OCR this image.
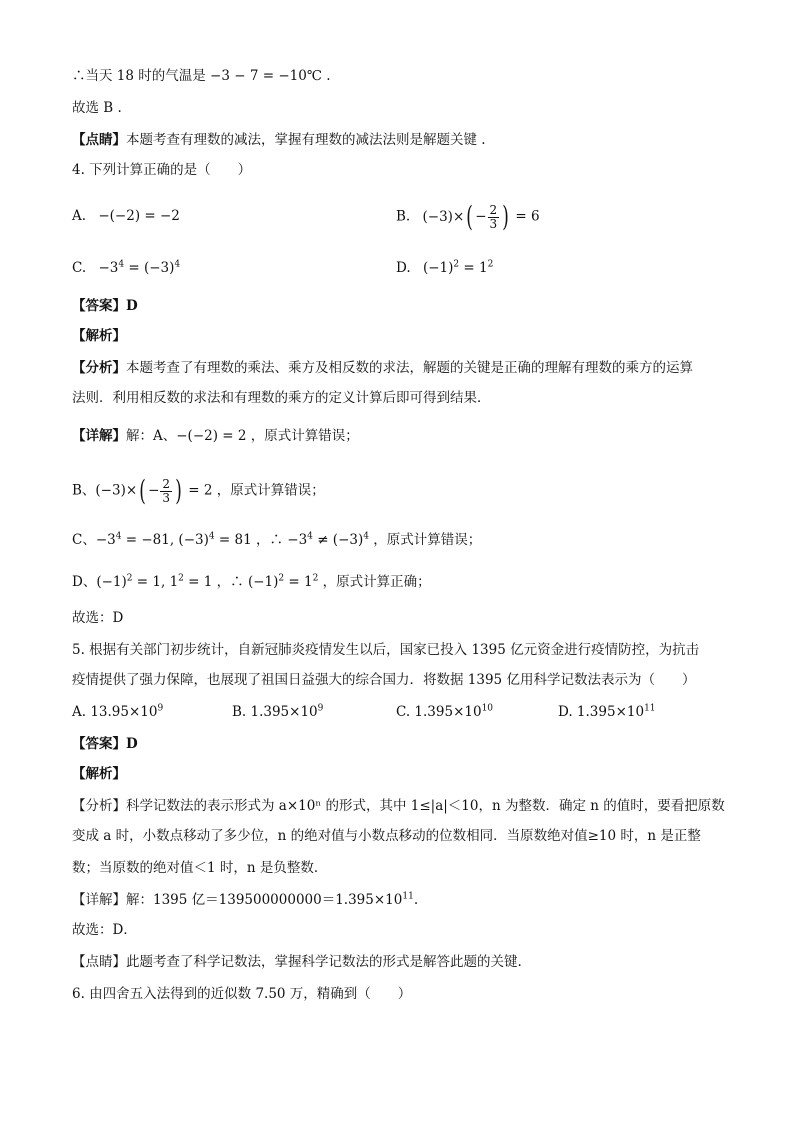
∴当天 18 时的气温是 −3 − 7 = −10℃ .
故选 B .
【点睛】本题考查有理数的减法，掌握有理数的减法法则是解题关键 .
4. 下列计算正确的是（　　）
A. −(−2) = −2	B. $(-3)\times( - \frac{2}{3}$ ) = 6
C. $-3^4 = (-3)^4$	D. $(-1)^2 = 1^2$
【答案】D
【解析】
【分析】本题考查了有理数的乘法、乘方及相反数的求法，解题的关键是正确的理解有理数的乘方的运算
法则．利用相反数的求法和有理数的乘方的定义计算后即可得到结果．
【详解】解：A、−(−2) = 2 ，原式计算错误；
B、$(-3)\times( - \frac{2}{3}$ ) = 2 ，原式计算错误；
C、$-3^4 = -81$, $(-3)^4 = 81$ ，∴ $-3^4 \ne (-3)^4$ ，原式计算错误；
D、$(-1)^2 = 1$, $1^2 = 1$ ，∴ $(-1)^2 = 1^2$ ，原式计算正确；
故选：D
5. 根据有关部门初步统计，自新冠肺炎疫情发生以后，国家已投入 1395 亿元资金进行疫情防控，为抗击
疫情提供了强力保障，也展现了祖国日益强大的综合国力．将数据 1395 亿用科学记数法表示为（　　）
A. $13.95\times 10^9$	B. $1.395\times 10^9$	C. $1.395\times 10^{10}$	D. $1.395\times 10^{11}$
【答案】D
【解析】
【分析】科学记数法的表示形式为 a×10ⁿ 的形式，其中 1≤|a|＜10，n 为整数．确定 n 的值时，要看把原数
变成 a 时，小数点移动了多少位，n 的绝对值与小数点移动的位数相同．当原数绝对值≥10 时，n 是正整
数；当原数的绝对值＜1 时，n 是负整数．
【详解】解：1395 亿$=139500000000=1.395\times 10^{11}$.
故选：D．
【点睛】此题考查了科学记数法，掌握科学记数法的形式是解答此题的关键.
6. 由四舍五入法得到的近似数 7.50 万，精确到（　　）
